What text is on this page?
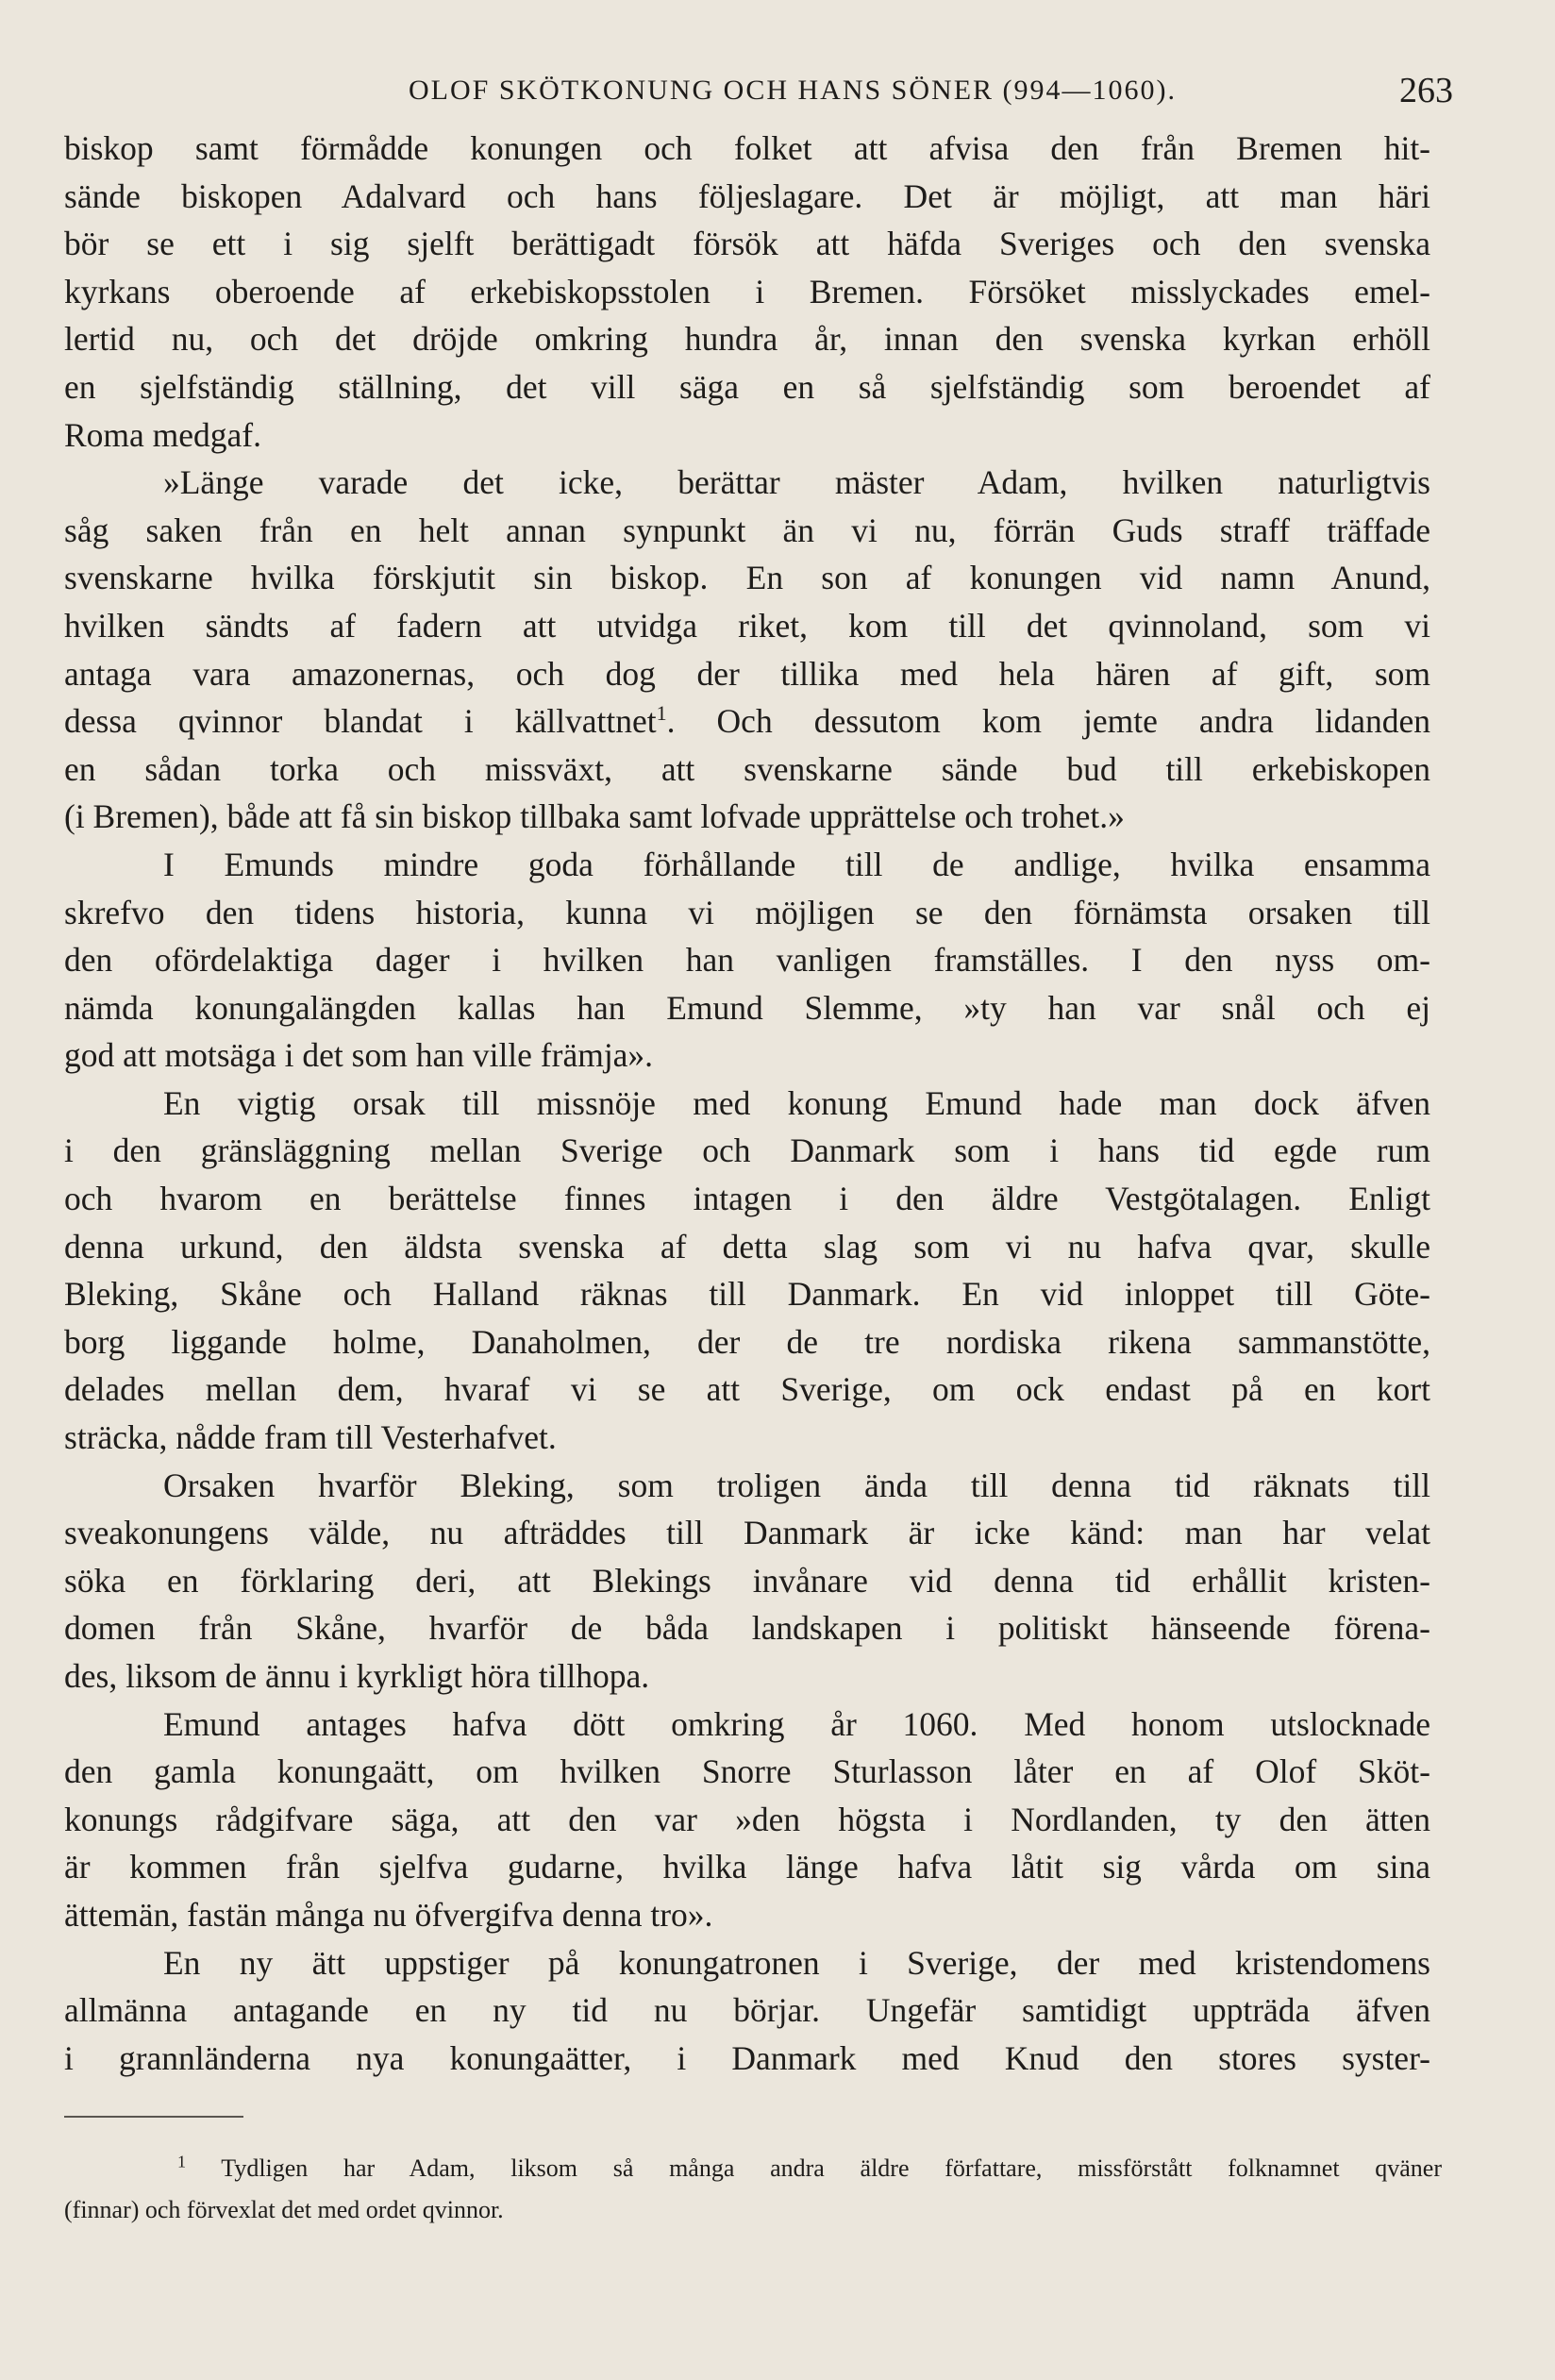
OLOF SKÖTKONUNG OCH HANS SÖNER (994—1060).	263
biskop samt förmådde konungen och folket att afvisa den från Bremen hit-
sände biskopen Adalvard och hans följeslagare. Det är möjligt, att man häri
bör se ett i sig sjelft berättigadt försök att häfda Sveriges och den svenska
kyrkans oberoende af erkebiskopsstolen i Bremen. Försöket misslyckades emel-
lertid nu, och det dröjde omkring hundra år, innan den svenska kyrkan erhöll
en sjelfständig ställning, det vill säga en så sjelfständig som beroendet af
Roma medgaf.
»Länge varade det icke, berättar mäster Adam, hvilken naturligtvis
såg saken från en helt annan synpunkt än vi nu, förrän Guds straff träffade
svenskarne hvilka förskjutit sin biskop. En son af konungen vid namn Anund,
hvilken sändts af fadern att utvidga riket, kom till det qvinnoland, som vi
antaga vara amazonernas, och dog der tillika med hela hären af gift, som
dessa qvinnor blandat i källvattnet$^1$. Och dessutom kom jemte andra lidanden
en sådan torka och missväxt, att svenskarne sände bud till erkebiskopen
(i Bremen), både att få sin biskop tillbaka samt lofvade upprättelse och trohet.»
I Emunds mindre goda förhållande till de andlige, hvilka ensamma
skrefvo den tidens historia, kunna vi möjligen se den förnämsta orsaken till
den ofördelaktiga dager i hvilken han vanligen framställes. I den nyss om-
nämda konungalängden kallas han Emund Slemme, »ty han var snål och ej
god att motsäga i det som han ville främja».
En vigtig orsak till missnöje med konung Emund hade man dock äfven
i den gränsläggning mellan Sverige och Danmark som i hans tid egde rum
och hvarom en berättelse finnes intagen i den äldre Vestgötalagen. Enligt
denna urkund, den äldsta svenska af detta slag som vi nu hafva qvar, skulle
Bleking, Skåne och Halland räknas till Danmark. En vid inloppet till Göte-
borg liggande holme, Danaholmen, der de tre nordiska rikena sammanstötte,
delades mellan dem, hvaraf vi se att Sverige, om ock endast på en kort
sträcka, nådde fram till Vesterhafvet.
Orsaken hvarför Bleking, som troligen ända till denna tid räknats till
sveakonungens välde, nu afträddes till Danmark är icke känd: man har velat
söka en förklaring deri, att Blekings invånare vid denna tid erhållit kristen-
domen från Skåne, hvarför de båda landskapen i politiskt hänseende förena-
des, liksom de ännu i kyrkligt höra tillhopa.
Emund antages hafva dött omkring år 1060. Med honom utslocknade
den gamla konungaätt, om hvilken Snorre Sturlasson låter en af Olof Sköt-
konungs rådgifvare säga, att den var »den högsta i Nordlanden, ty den ätten
är kommen från sjelfva gudarne, hvilka länge hafva låtit sig vårda om sina
ättemän, fastän många nu öfvergifva denna tro».
En ny ätt uppstiger på konungatronen i Sverige, der med kristendomens
allmänna antagande en ny tid nu börjar. Ungefär samtidigt uppträda äfven
i grannländerna nya konungaätter, i Danmark med Knud den stores syster-
$^1$ Tydligen har Adam, liksom så många andra äldre författare, missförstått folknamnet qväner
(finnar) och förvexlat det med ordet qvinnor.
